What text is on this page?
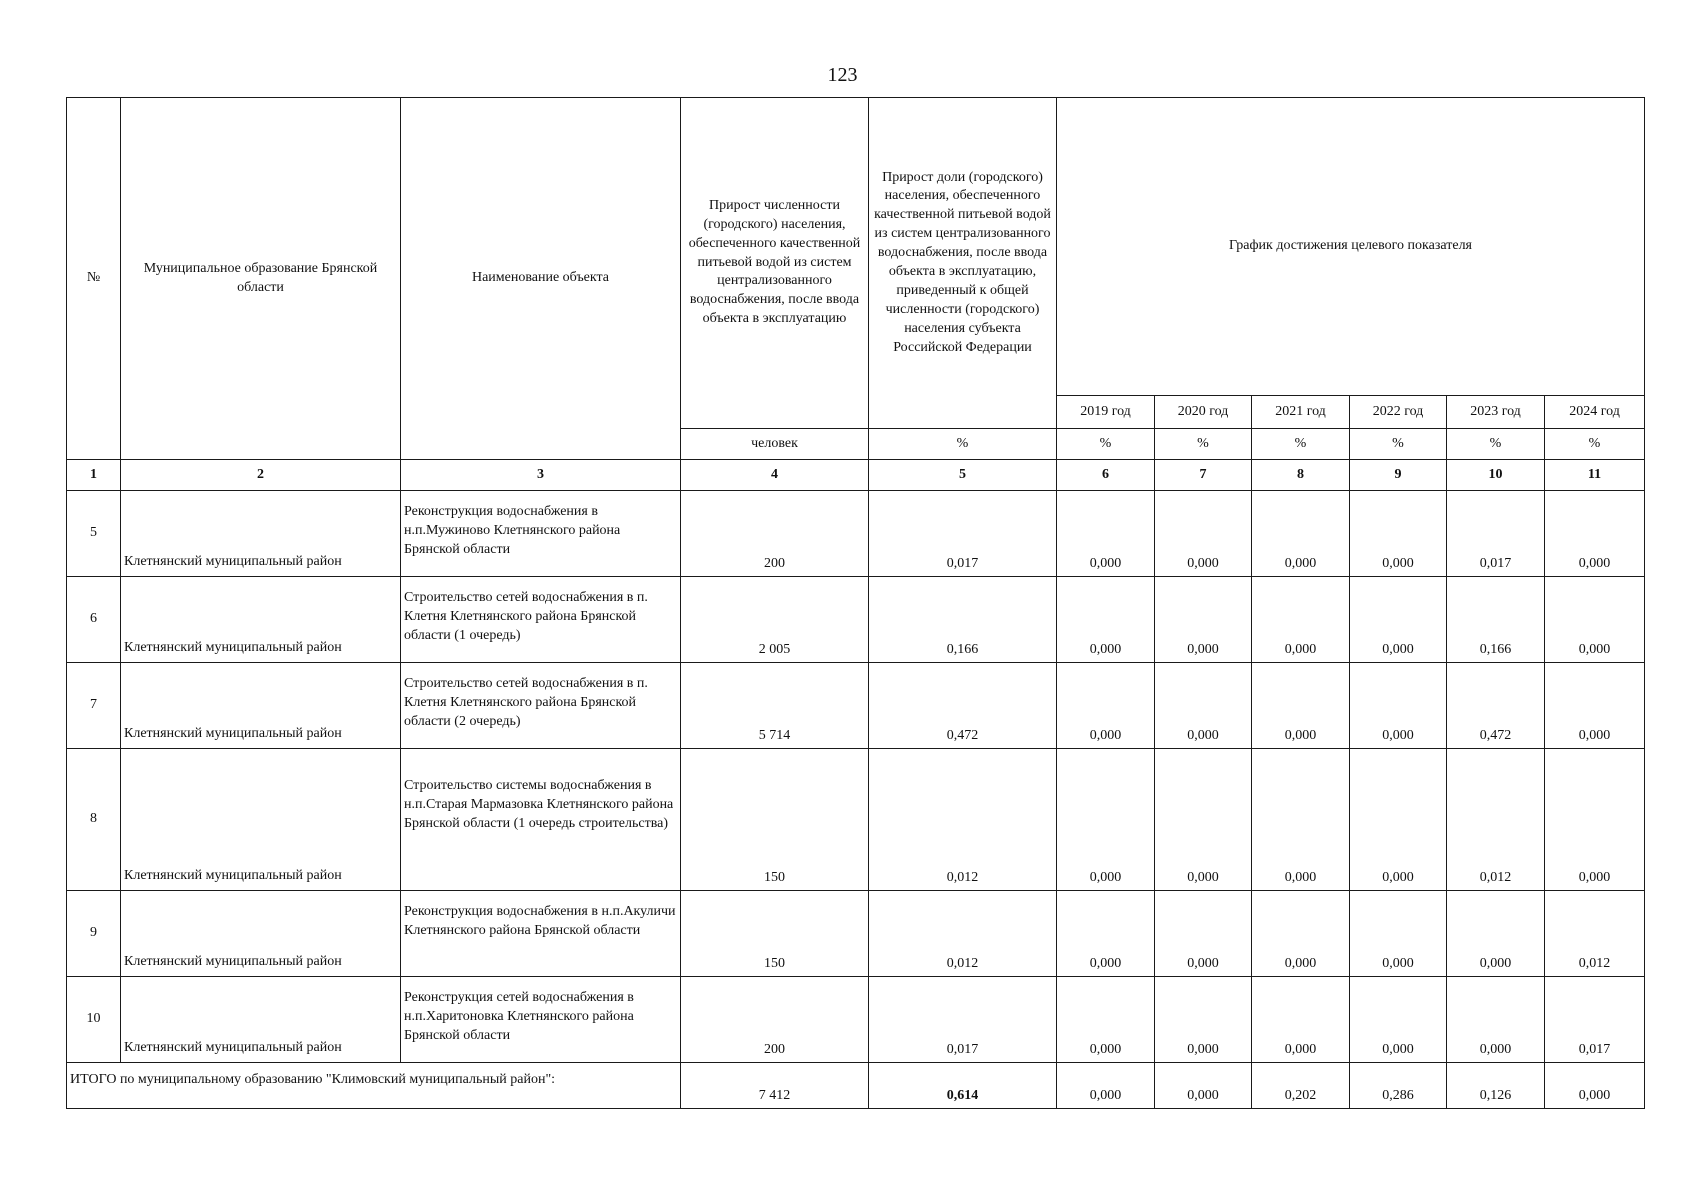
123
№	Муниципальное образование Брянской области	Наименование объекта	Прирост численности (городского) населения, обеспеченного качественной питьевой водой из систем централизованного водоснабжения, после ввода объекта в эксплуатацию	Прирост доли (городского) населения, обеспеченного качественной питьевой водой из систем централизованного водоснабжения, после ввода объекта в эксплуатацию, приведенный к общей численности (городского) населения субъекта Российской Федерации	График достижения целевого показателя					
					2019 год	2020 год	2021 год	2022 год	2023 год	2024 год
			человек	%	%	%	%	%	%	%
1	2	3	4	5	6	7	8	9	10	11
5	Клетнянский муниципальный район	Реконструкция водоснабжения в н.п.Мужиново Клетнянского района Брянской области	200	0,017	0,000	0,000	0,000	0,000	0,017	0,000
6	Клетнянский муниципальный район	Строительство сетей водоснабжения в п. Клетня Клетнянского района Брянской области (1 очередь)	2 005	0,166	0,000	0,000	0,000	0,000	0,166	0,000
7	Клетнянский муниципальный район	Строительство сетей водоснабжения в п. Клетня Клетнянского района Брянской области (2 очередь)	5 714	0,472	0,000	0,000	0,000	0,000	0,472	0,000
8	Клетнянский муниципальный район	Строительство системы водоснабжения в н.п.Старая Мармазовка Клетнянского района Брянской области (1 очередь строительства)	150	0,012	0,000	0,000	0,000	0,000	0,012	0,000
9	Клетнянский муниципальный район	Реконструкция водоснабжения в н.п.Акуличи Клетнянского района Брянской области	150	0,012	0,000	0,000	0,000	0,000	0,000	0,012
10	Клетнянский муниципальный район	Реконструкция сетей водоснабжения в н.п.Харитоновка Клетнянского района Брянской области	200	0,017	0,000	0,000	0,000	0,000	0,000	0,017
ИТОГО по муниципальному образованию "Климовский муниципальный район":			7 412	0,614	0,000	0,000	0,202	0,286	0,126	0,000
